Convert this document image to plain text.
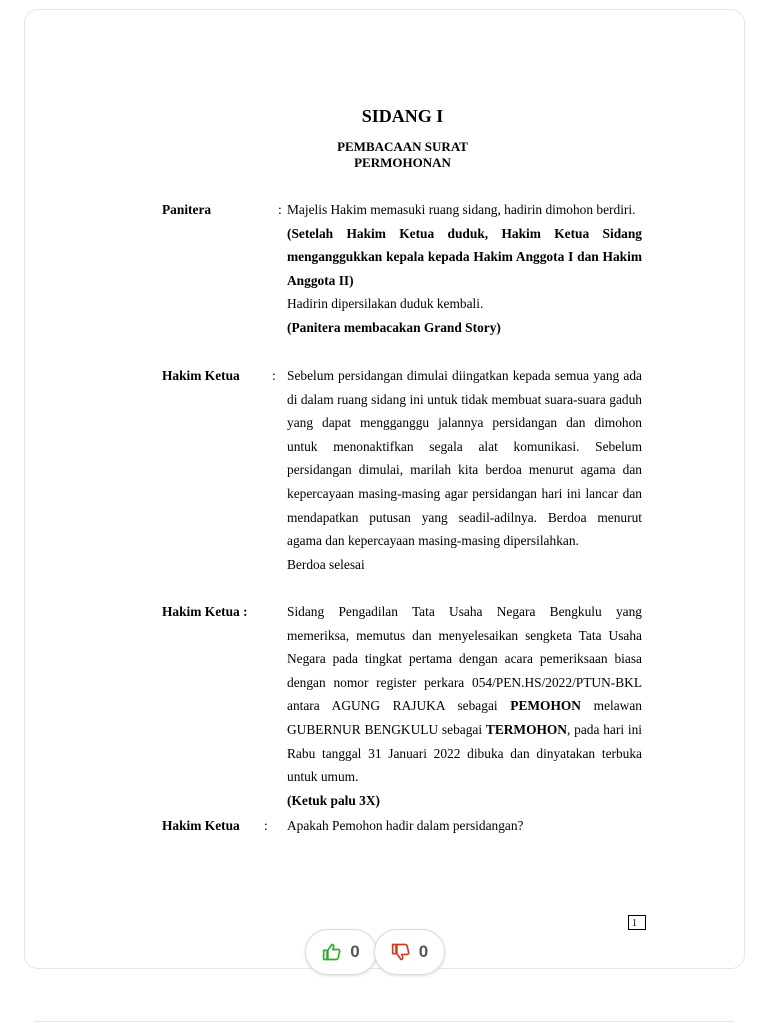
SIDANG I
PEMBACAAN SURAT
PERMOHONAN
Panitera	: Majelis Hakim memasuki ruang sidang, hadirin dimohon berdiri.

(Setelah Hakim Ketua duduk, Hakim Ketua Sidang menganggukkan kepala kepada Hakim Anggota I dan Hakim Anggota II)

Hadirin dipersilakan duduk kembali.

(Panitera membacakan Grand Story)

Hakim Ketua : Sebelum persidangan dimulai diingatkan kepada semua yang ada di dalam ruang sidang ini untuk tidak membuat suara-suara gaduh yang dapat mengganggu jalannya persidangan dan dimohon untuk menonaktifkan segala alat komunikasi. Sebelum persidangan dimulai, marilah kita berdoa menurut agama dan kepercayaan masing-masing agar persidangan hari ini lancar dan mendapatkan putusan yang seadil-adilnya. Berdoa menurut agama dan kepercayaan masing-masing dipersilahkan.

Berdoa selesai

Hakim Ketua :	Sidang Pengadilan Tata Usaha Negara Bengkulu yang memeriksa, memutus dan menyelesaikan sengketa Tata Usaha Negara pada tingkat pertama dengan acara pemeriksaan biasa dengan nomor register perkara 054/PEN.HS/2022/PTUN-BKL antara AGUNG RAJUKA sebagai PEMOHON melawan GUBERNUR BENGKULU sebagai TERMOHON, pada hari ini Rabu tanggal 31 Januari 2022 dibuka dan dinyatakan terbuka untuk umum.

(Ketuk palu 3X)

Hakim Ketua : Apakah Pemohon hadir dalam persidangan?

1
0	0
